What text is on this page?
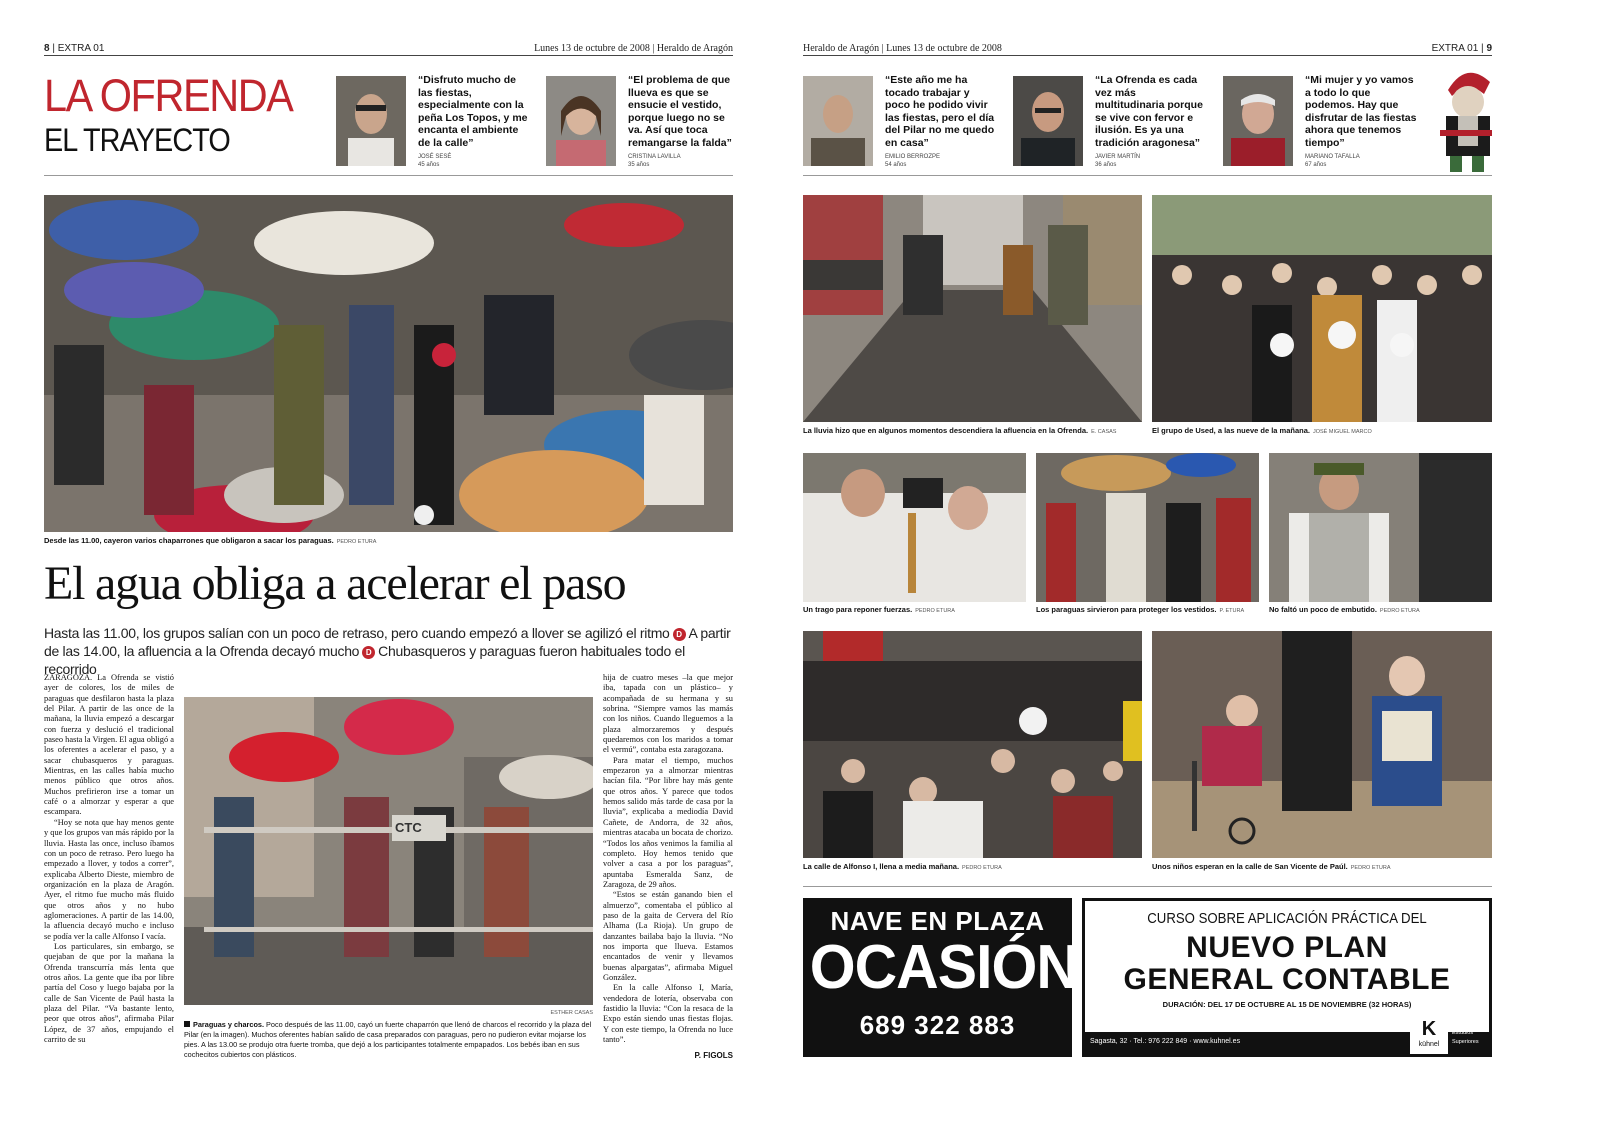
8 | EXTRA 01	Lunes 13 de octubre de 2008 | Heraldo de Aragón
LA OFRENDA
EL TRAYECTO
“Disfruto mucho de las fiestas, especialmente con la peña Los Topos, y me encanta el ambiente de la calle”
JOSÉ SESÉ
45 años
“El problema de que llueva es que se ensucie el vestido, porque luego no se va. Así que toca remangarse la falda”
CRISTINA LAVILLA
35 años
Desde las 11.00, cayeron varios chaparrones que obligaron a sacar los paraguas. PEDRO ETURA
El agua obliga a acelerar el paso
Hasta las 11.00, los grupos salían con un poco de retraso, pero cuando empezó a llover se agilizó el ritmo D A partir de las 14.00, la afluencia a la Ofrenda decayó mucho D Chubasqueros y paraguas fueron habituales todo el recorrido

ZARAGOZA. La Ofrenda se vistió ayer de colores, los de miles de paraguas que desfilaron hasta la plaza del Pilar. A partir de las once de la mañana, la lluvia empezó a descargar con fuerza y deslució el tradicional paseo hasta la Virgen. El agua obligó a los oferentes a acelerar el paso, y a sacar chubasqueros y paraguas. Mientras, en las calles había mucho menos público que otros años. Muchos prefirieron irse a tomar un café o a almorzar y esperar a que escampara.

“Hoy se nota que hay menos gente y que los grupos van más rápido por la lluvia. Hasta las once, incluso íbamos con un poco de retraso. Pero luego ha empezado a llover, y todos a correr”, explicaba Alberto Dieste, miembro de organización en la plaza de Aragón. Ayer, el ritmo fue mucho más fluido que otros años y no hubo aglomeraciones. A partir de las 14.00, la afluencia decayó mucho e incluso se podía ver la calle Alfonso I vacía.

Los particulares, sin embargo, se quejaban de que por la mañana la Ofrenda transcurría más lenta que otros años. La gente que iba por libre partía del Coso y luego bajaba por la calle de San Vicente de Paúl hasta la plaza del Pilar. “Va bastante lento, peor que otros años”, afirmaba Pilar López, de 37 años, empujando el carrito de su

CTC
ESTHER CASAS
Paraguas y charcos. Poco después de las 11.00, cayó un fuerte chaparrón que llenó de charcos el recorrido y la plaza del Pilar (en la imagen). Muchos oferentes habían salido de casa preparados con paraguas, pero no pudieron evitar mojarse los pies. A las 13.00 se produjo otra fuerte tromba, que dejó a los participantes totalmente empapados. Los bebés iban en sus cochecitos cubiertos con plásticos.

hija de cuatro meses –la que mejor iba, tapada con un plástico– y acompañada de su hermana y su sobrina. “Siempre vamos las mamás con los niños. Cuando lleguemos a la plaza almorzaremos y después quedaremos con los maridos a tomar el vermú”, contaba esta zaragozana.

Para matar el tiempo, muchos empezaron ya a almorzar mientras hacían fila. “Por libre hay más gente que otros años. Y parece que todos hemos salido más tarde de casa por la lluvia”, explicaba a mediodía David Cañete, de Andorra, de 32 años, mientras atacaba un bocata de chorizo. “Todos los años venimos la familia al completo. Hoy hemos tenido que volver a casa a por los paraguas”, apuntaba Esmeralda Sanz, de Zaragoza, de 29 años.

“Estos se están ganando bien el almuerzo”, comentaba el público al paso de la gaita de Cervera del Río Alhama (La Rioja). Un grupo de danzantes bailaba bajo la lluvia. “No nos importa que llueva. Estamos encantados de venir y llevamos buenas alpargatas”, afirmaba Miguel González.

En la calle Alfonso I, María, vendedora de lotería, observaba con fastidio la lluvia: “Con la resaca de la Expo están siendo unas fiestas flojas. Y con este tiempo, la Ofrenda no luce tanto”.

P. FIGOLS
Heraldo de Aragón | Lunes 13 de octubre de 2008	EXTRA 01 | 9
“Este año me ha tocado trabajar y poco he podido vivir las fiestas, pero el día del Pilar no me quedo en casa”
EMILIO BERROZPE
54 años
“La Ofrenda es cada vez más multitudinaria porque se vive con fervor e ilusión. Es ya una tradición aragonesa”
JAVIER MARTÍN
36 años
“Mi mujer y yo vamos a todo lo que podemos. Hay que disfrutar de las fiestas ahora que tenemos tiempo”
MARIANO TAFALLA
67 años
La lluvia hizo que en algunos momentos descendiera la afluencia en la Ofrenda. E. CASAS	El grupo de Used, a las nueve de la mañana. JOSÉ MIGUEL MARCO
Un trago para reponer fuerzas. PEDRO ETURA	Los paraguas sirvieron para proteger los vestidos. P. ETURA	No faltó un poco de embutido. PEDRO ETURA
La calle de Alfonso I, llena a media mañana. PEDRO ETURA	Unos niños esperan en la calle de San Vicente de Paúl. PEDRO ETURA
NAVE EN PLAZA
OCASIÓN
689 322 883
CURSO SOBRE APLICACIÓN PRÁCTICA DEL
NUEVO PLAN
GENERAL CONTABLE
DURACIÓN: DEL 17 DE OCTUBRE AL 15 DE NOVIEMBRE (32 HORAS)
Sagasta, 32 · Tel.: 976 222 849 · www.kuhnel.es
K
kühnel
Centro de Estudios Superiores
